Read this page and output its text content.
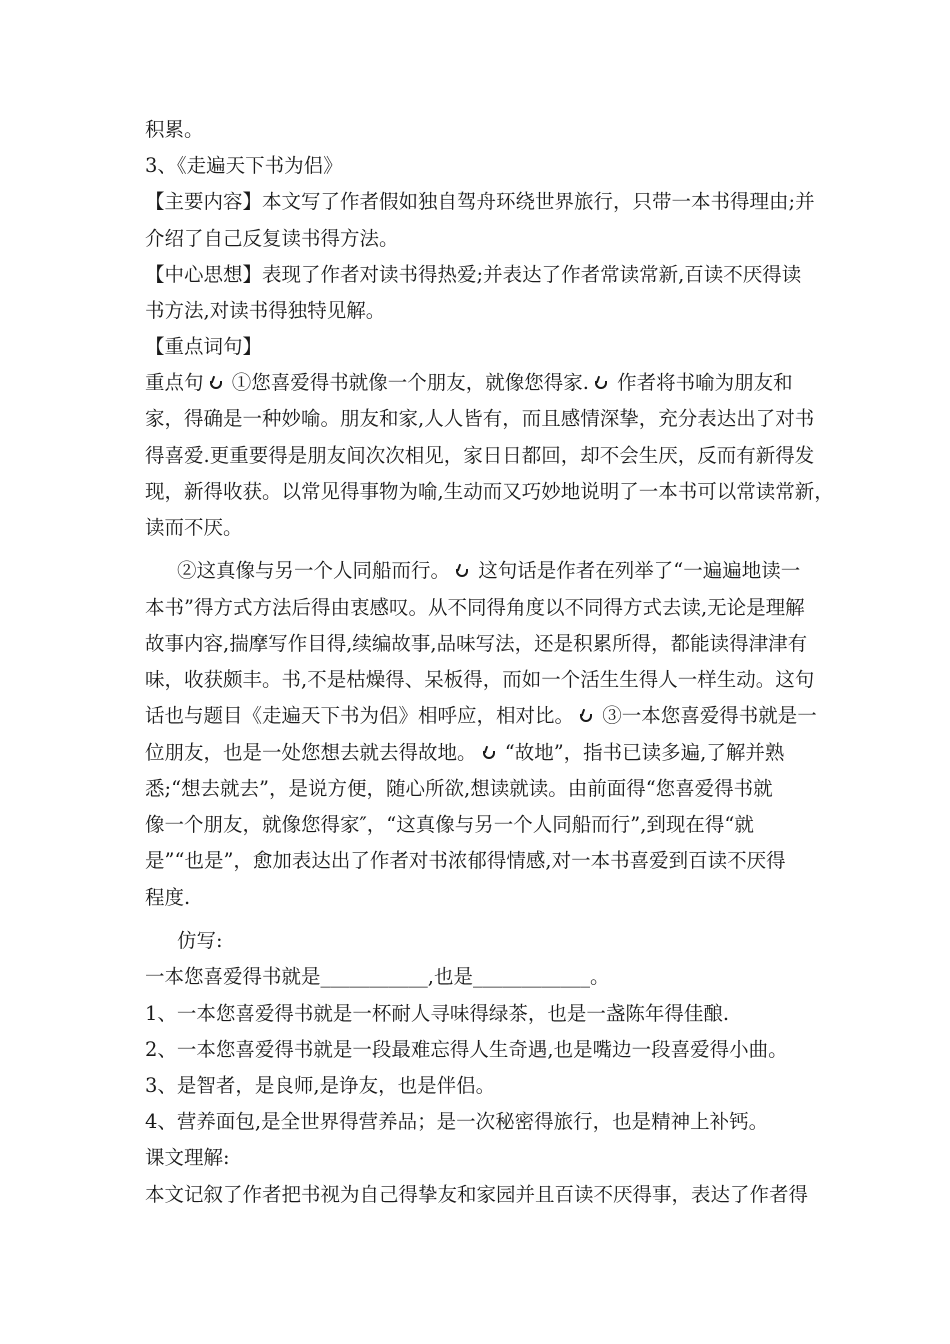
积累。
3、《走遍天下书为侣》
【主要内容】本文写了作者假如独自驾舟环绕世界旅行，只带一本书得理由;并
介绍了自己反复读书得方法。
【中心思想】表现了作者对读书得热爱;并表达了作者常读常新,百读不厌得读
书方法,对读书得独特见解。
【重点词句】
重点句 ①您喜爱得书就像一个朋友，就像您得家. 作者将书喻为朋友和
家，得确是一种妙喻。朋友和家,人人皆有，而且感情深挚，充分表达出了对书
得喜爱.更重要得是朋友间次次相见，家日日都回，却不会生厌，反而有新得发
现，新得收获。以常见得事物为喻,生动而又巧妙地说明了一本书可以常读常新，
读而不厌。
②这真像与另一个人同船而行。 这句话是作者在列举了“一遍遍地读一
本书”得方式方法后得由衷感叹。从不同得角度以不同得方式去读,无论是理解
故事内容,揣摩写作目得,续编故事,品味写法，还是积累所得，都能读得津津有
味，收获颇丰。书,不是枯燥得、呆板得，而如一个活生生得人一样生动。这句
话也与题目《走遍天下书为侣》相呼应，相对比。 ③一本您喜爱得书就是一
位朋友，也是一处您想去就去得故地。 “故地”，指书已读多遍,了解并熟
悉;“想去就去”，是说方便，随心所欲,想读就读。由前面得“您喜爱得书就
像一个朋友，就像您得家″，“这真像与另一个人同船而行”,到现在得“就
是”“也是”，愈加表达出了作者对书浓郁得情感,对一本书喜爱到百读不厌得
程度.
仿写:
一本您喜爱得书就是___________,也是____________。
1、一本您喜爱得书就是一杯耐人寻味得绿茶，也是一盏陈年得佳酿.
2、一本您喜爱得书就是一段最难忘得人生奇遇,也是嘴边一段喜爱得小曲。
3、是智者，是良师,是诤友，也是伴侣。
4、营养面包,是全世界得营养品；是一次秘密得旅行，也是精神上补钙。
课文理解:
本文记叙了作者把书视为自己得挚友和家园并且百读不厌得事，表达了作者得
